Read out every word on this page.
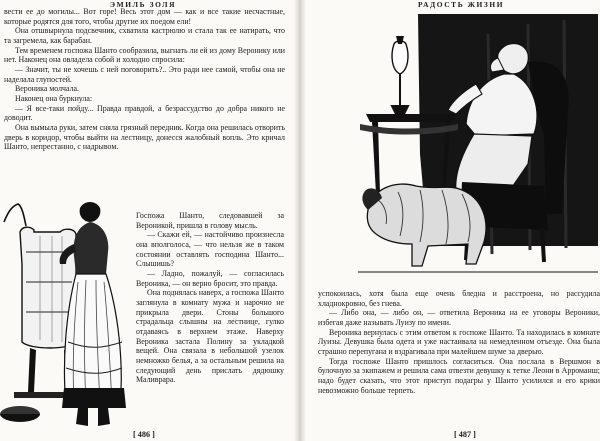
ЭМИЛЬ ЗОЛЯ

вести ее до могилы... Вот горе! Весь этот дом — как и все такие несчастные, которые родятся для того, чтобы другие их поедом ели!

Она отшвырнула подсвечник, схватила кастрюлю и стала так ее натирать, что та загремела, как барабан.

Тем временем госпожа Шанто сообразила, выгнать ли ей из дому Веронику или нет. Наконец она овладела собой и холодно спросила:

— Значит, ты не хочешь с ней поговорить?.. Это ради нее самой, чтобы она не наделала глупостей.

Вероника молчала.

Наконец она буркнула:

— Я все-таки пойду... Правда правдой, а безрассудство до добра никого не доводит.

Она вымыла руки, затем сняла грязный передник. Когда она решилась отворить дверь в коридор, чтобы выйти на лестницу, донесся жалобный вопль. Это кричал Шанто, непрестанно, с надрывом.

Госпожа Шанто, следовавшей за Вероникой, пришла в голову мысль.

— Скажи ей, — настойчиво произнесла она вполголоса, — что нельзя же в таком состоянии оставлять господина Шанто... Слышишь?

— Ладно, пожалуй, — согласилась Вероника, — он верно бросит, это правда.

Она поднялась наверх, а госпожа Шанто заглянула в комнату мужа и нарочно не прикрыла двери. Стоны большого страдальца слышны на лестнице, гулко отдаваясь в верхнем этаже. Наверху Вероника застала Полину за укладкой вещей. Она связала в небольшой узелок немножко белья, а за остальным решила на следующий день прислать дядюшку Маливрара.

[ 486 ]
РАДОСТЬ ЖИЗНИ

успокоилась, хотя была еще очень бледна и расстроена, но рассудила хладнокровно, без гнева.

— Либо она, — либо он, — ответила Вероника на ее уговоры Вероники, избегая даже называть Луизу по имени.

Вероника вернулась с этим ответом к госпоже Шанто. Та находилась в комнате Луизы. Девушка была одета и уже настаивала на немедленном отъезде. Она была страшно перепугана и вздрагивала при малейшем шуме за дверью.

Тогда госпоже Шанто пришлось согласиться. Она послала в Вершмон в булочную за экипажем и решила сама отвезти девушку к тетке Леони в Арроманш; надо будет сказать, что этот приступ подагры у Шанто усилился и его крики невозможно больше терпеть.

[ 487 ]
